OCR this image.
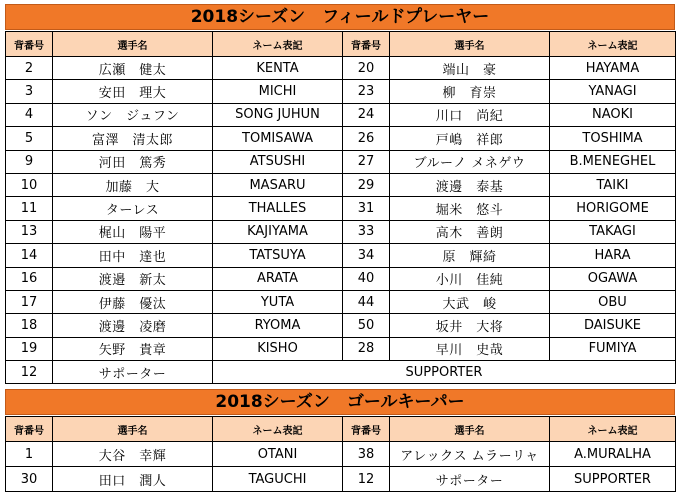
2018シーズン　フィールドプレーヤー
背番号	選手名	ネーム表記	背番号	選手名	ネーム表記
2	広瀬　健太	KENTA	20	端山　豪	HAYAMA
3	安田　理大	MICHI	23	柳　育崇	YANAGI
4	ソン　ジュフン	SONG JUHUN	24	川口　尚紀	NAOKI
5	富澤　清太郎	TOMISAWA	26	戸嶋　祥郎	TOSHIMA
9	河田　篤秀	ATSUSHI	27	ブルーノ メネゲウ	B.MENEGHEL
10	加藤　大	MASARU	29	渡邊　泰基	TAIKI
11	ターレス	THALLES	31	堀米　悠斗	HORIGOME
13	梶山　陽平	KAJIYAMA	33	高木　善朗	TAKAGI
14	田中　達也	TATSUYA	34	原　輝綺	HARA
16	渡邉　新太	ARATA	40	小川　佳純	OGAWA
17	伊藤　優汰	YUTA	44	大武　峻	OBU
18	渡邊　凌磨	RYOMA	50	坂井　大将	DAISUKE
19	矢野　貴章	KISHO	28	早川　史哉	FUMIYA
12	サポーター	SUPPORTER			
2018シーズン　ゴールキーパー
背番号	選手名	ネーム表記	背番号	選手名	ネーム表記
1	大谷　幸輝	OTANI	38	アレックス ムラーリャ	A.MURALHA
30	田口　潤人	TAGUCHI	12	サポーター	SUPPORTER
